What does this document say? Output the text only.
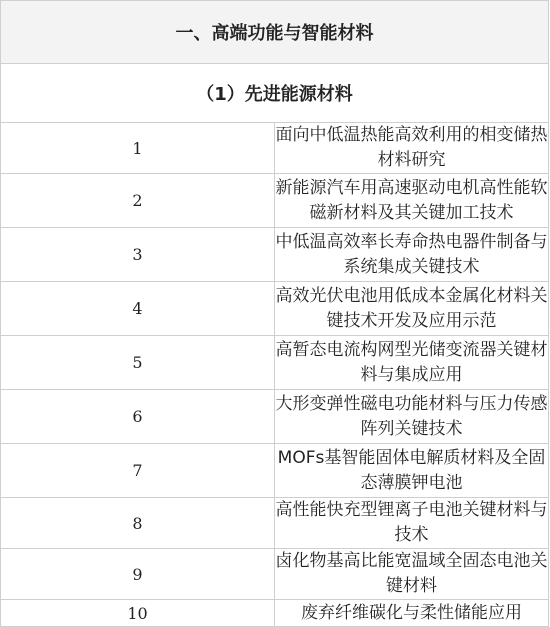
一、高端功能与智能材料	
（1）先进能源材料	
1	面向中低温热能高效利用的相变储热材料研究
2	新能源汽车用高速驱动电机高性能软磁新材料及其关键加工技术
3	中低温高效率长寿命热电器件制备与系统集成关键技术
4	高效光伏电池用低成本金属化材料关键技术开发及应用示范
5	高暂态电流构网型光储变流器关键材料与集成应用
6	大形变弹性磁电功能材料与压力传感阵列关键技术
7	MOFs基智能固体电解质材料及全固态薄膜钾电池
8	高性能快充型锂离子电池关键材料与技术
9	卤化物基高比能宽温域全固态电池关键材料
10	废弃纤维碳化与柔性储能应用
